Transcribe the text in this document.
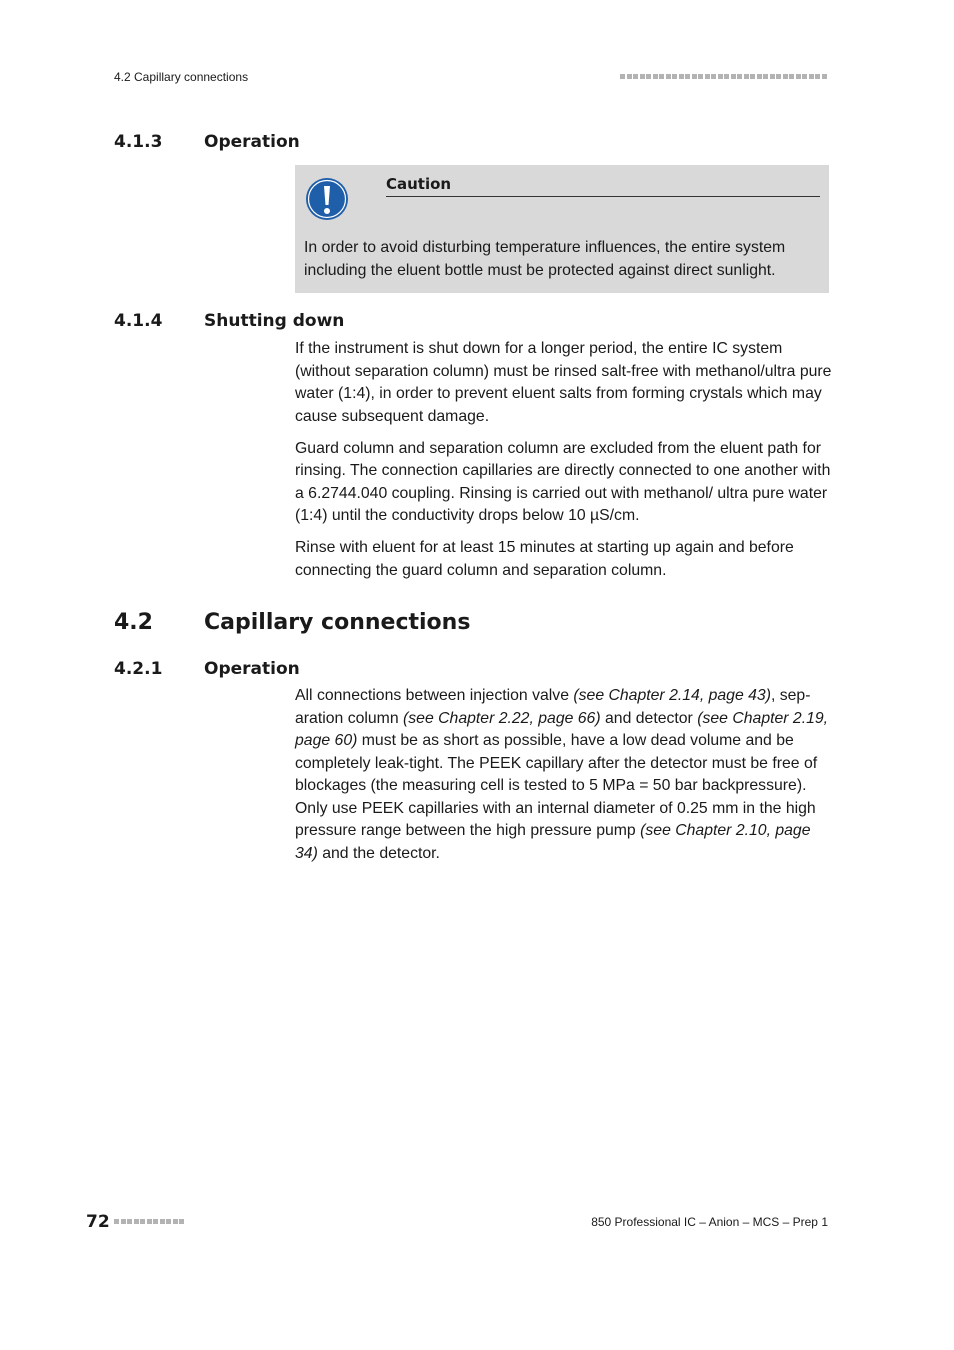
4.2 Capillary connections
4.1.3 Operation
Caution
In order to avoid disturbing temperature influences, the entire system including the eluent bottle must be protected against direct sunlight.
4.1.4 Shutting down

If the instrument is shut down for a longer period, the entire IC system (without separation column) must be rinsed salt-free with methanol/ultra pure water (1:4), in order to prevent eluent salts from forming crystals which may cause subsequent damage.

Guard column and separation column are excluded from the eluent path for rinsing. The connection capillaries are directly connected to one another with a 6.2744.040 coupling. Rinsing is carried out with methanol/ ultra pure water (1:4) until the conductivity drops below 10 µS/cm.

Rinse with eluent for at least 15 minutes at starting up again and before connecting the guard column and separation column.

4.2 Capillary connections
4.2.1 Operation

All connections between injection valve (see Chapter 2.14, page 43), separation column (see Chapter 2.22, page 66) and detector (see Chapter 2.19, page 60) must be as short as possible, have a low dead volume and be completely leak-tight. The PEEK capillary after the detector must be free of blockages (the measuring cell is tested to 5 MPa = 50 bar backpressure). Only use PEEK capillaries with an internal diameter of 0.25 mm in the high pressure range between the high pressure pump (see Chapter 2.10, page 34) and the detector.

72	850 Professional IC – Anion – MCS – Prep 1
